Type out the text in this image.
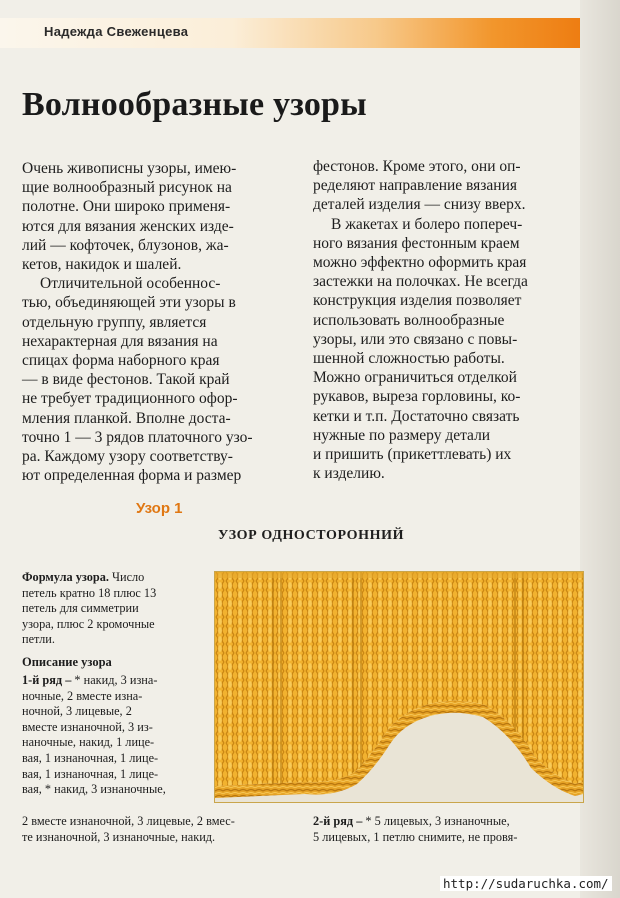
Надежда Свеженцева
Волнообразные узоры

Очень живописны узоры, имею-
щие волнообразный рисунок на
полотне. Они широко применя-
ются для вязания женских изде-
лий — кофточек, блузонов, жа-
кетов, накидок и шалей.

Отличительной особеннос-
тью, объединяющей эти узоры в
отдельную группу, является
нехарактерная для вязания на
спицах форма наборного края
— в виде фестонов. Такой край
не требует традиционного офор-
мления планкой. Вполне доста-
точно 1 — 3 рядов платочного узо-
ра. Каждому узору соответству-
ют определенная форма и размер

фестонов. Кроме этого, они оп-
ределяют направление вязания
деталей изделия — снизу вверх.

В жакетах и болеро попереч-
ного вязания фестонным краем
можно эффектно оформить края
застежки на полочках. Не всегда
конструкция изделия позволяет
использовать волнообразные
узоры, или это связано с повы-
шенной сложностью работы.
Можно ограничиться отделкой
рукавов, выреза горловины, ко-
кетки и т.п. Достаточно связать
нужные по размеру детали
и пришить (прикеттлевать) их
к изделию.

Узор 1
УЗОР ОДНОСТОРОННИЙ
Формула узора. Число
петель кратно 18 плюс 13
петель для симметрии
узора, плюс 2 кромочные
петли.
Описание узора
1-й ряд – * накид, 3 изна-
ночные, 2 вместе изна-
ночной, 3 лицевые, 2
вместе изнаночной, 3 из-
наночные, накид, 1 лице-
вая, 1 изнаночная, 1 лице-
вая, 1 изнаночная, 1 лице-
вая, * накид, 3 изнаночные,
2 вместе изнаночной, 3 лицевые, 2 вмес-
те изнаночной, 3 изнаночные, накид.
2-й ряд – * 5 лицевых, 3 изнаночные,
5 лицевых, 1 петлю снимите, не провя-
http://sudaruchka.com/
